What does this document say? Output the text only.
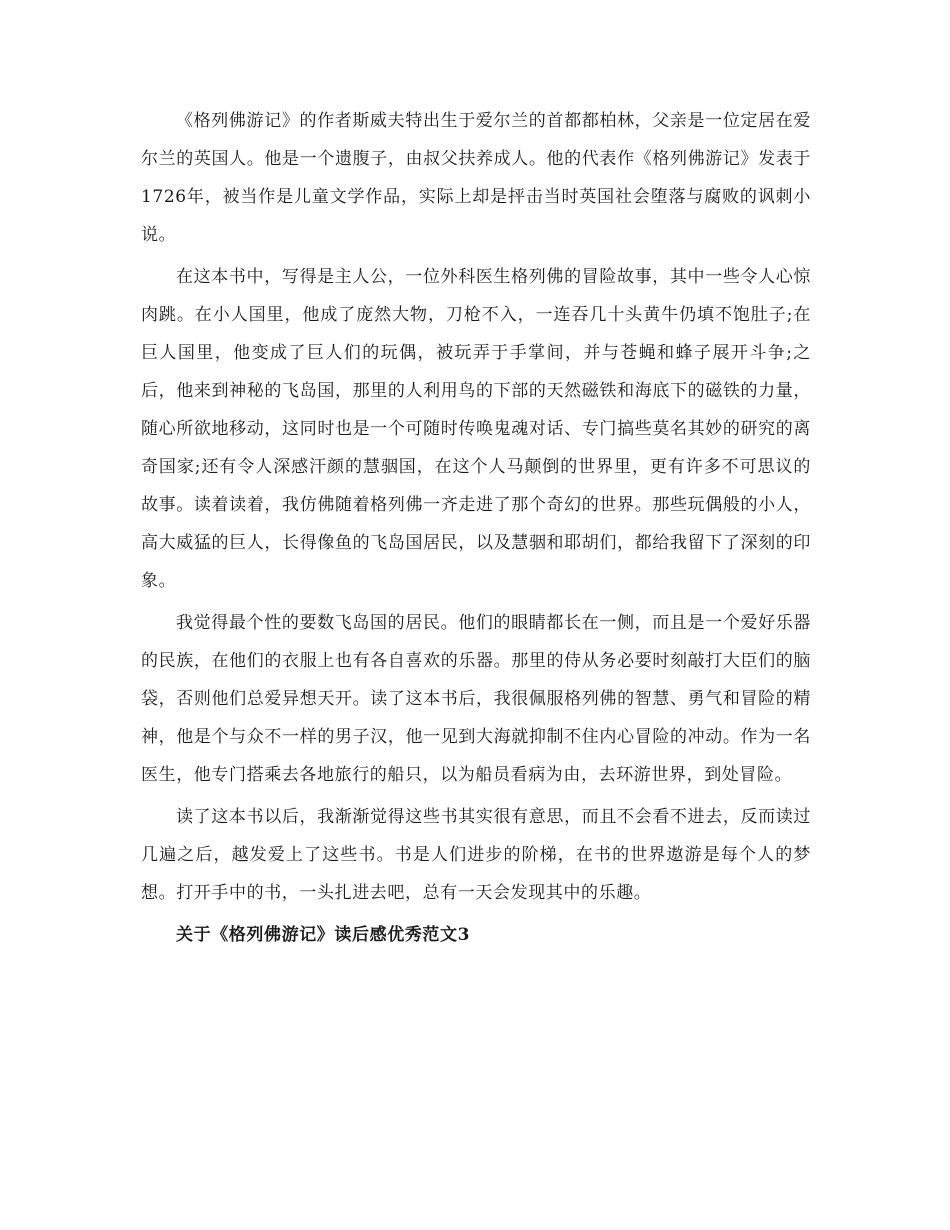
《格列佛游记》的作者斯威夫特出生于爱尔兰的首都都柏林，父亲是一位定居在爱尔兰的英国人。他是一个遗腹子，由叔父扶养成人。他的代表作《格列佛游记》发表于1726年，被当作是儿童文学作品，实际上却是抨击当时英国社会堕落与腐败的讽刺小说。

在这本书中，写得是主人公，一位外科医生格列佛的冒险故事，其中一些令人心惊肉跳。在小人国里，他成了庞然大物，刀枪不入，一连吞几十头黄牛仍填不饱肚子;在巨人国里，他变成了巨人们的玩偶，被玩弄于手掌间，并与苍蝇和蜂子展开斗争;之后，他来到神秘的飞岛国，那里的人利用鸟的下部的天然磁铁和海底下的磁铁的力量，随心所欲地移动，这同时也是一个可随时传唤鬼魂对话、专门搞些莫名其妙的研究的离奇国家;还有令人深感汗颜的慧骃国，在这个人马颠倒的世界里，更有许多不可思议的故事。读着读着，我仿佛随着格列佛一齐走进了那个奇幻的世界。那些玩偶般的小人，高大威猛的巨人，长得像鱼的飞岛国居民，以及慧骃和耶胡们，都给我留下了深刻的印象。

我觉得最个性的要数飞岛国的居民。他们的眼睛都长在一侧，而且是一个爱好乐器的民族，在他们的衣服上也有各自喜欢的乐器。那里的侍从务必要时刻敲打大臣们的脑袋，否则他们总爱异想天开。读了这本书后，我很佩服格列佛的智慧、勇气和冒险的精神，他是个与众不一样的男子汉，他一见到大海就抑制不住内心冒险的冲动。作为一名医生，他专门搭乘去各地旅行的船只，以为船员看病为由，去环游世界，到处冒险。

读了这本书以后，我渐渐觉得这些书其实很有意思，而且不会看不进去，反而读过几遍之后，越发爱上了这些书。书是人们进步的阶梯，在书的世界遨游是每个人的梦想。打开手中的书，一头扎进去吧，总有一天会发现其中的乐趣。

关于《格列佛游记》读后感优秀范文3
